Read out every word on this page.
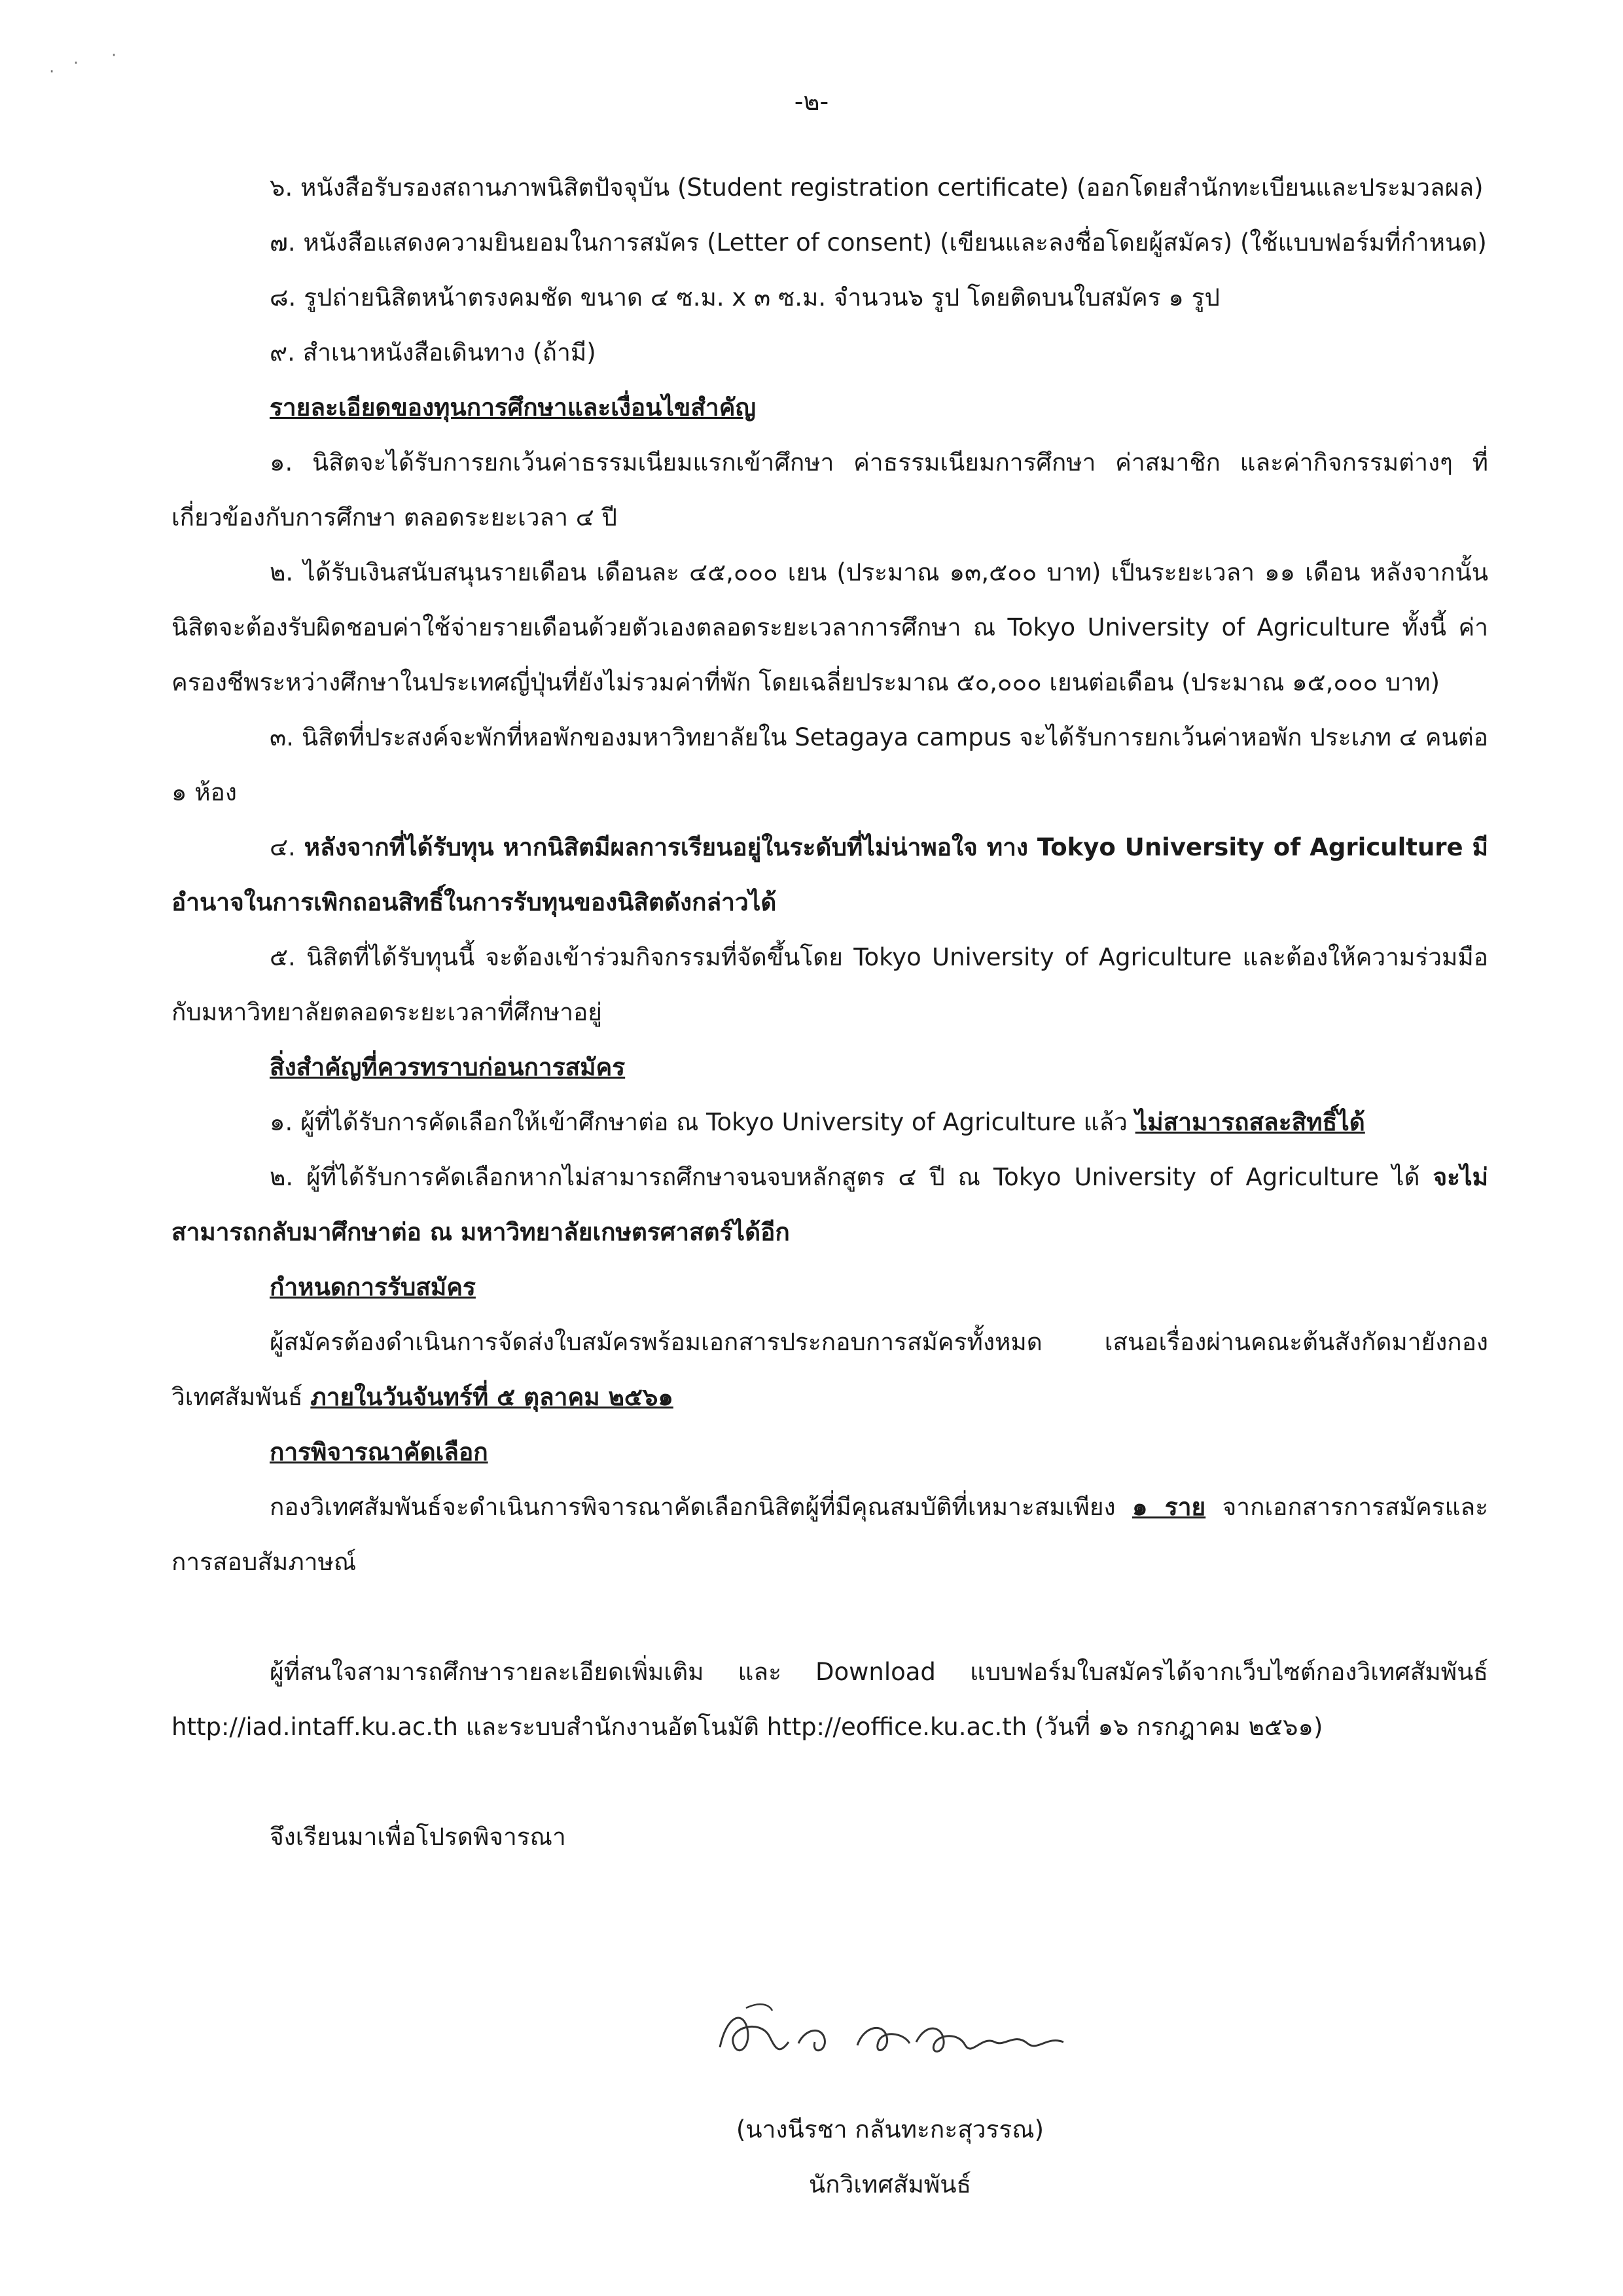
· · ·
-๒-

๖. หนังสือรับรองสถานภาพนิสิตปัจจุบัน (Student registration certificate) (ออกโดยสำนักทะเบียนและประมวลผล)

๗. หนังสือแสดงความยินยอมในการสมัคร (Letter of consent) (เขียนและลงชื่อโดยผู้สมัคร) (ใช้แบบฟอร์มที่กำหนด)

๘. รูปถ่ายนิสิตหน้าตรงคมชัด ขนาด ๔ ซ.ม. x ๓ ซ.ม. จำนวน๖ รูป โดยติดบนใบสมัคร ๑ รูป

๙. สำเนาหนังสือเดินทาง (ถ้ามี)

รายละเอียดของทุนการศึกษาและเงื่อนไขสำคัญ

๑. นิสิตจะได้รับการยกเว้นค่าธรรมเนียมแรกเข้าศึกษา ค่าธรรมเนียมการศึกษา ค่าสมาชิก และค่ากิจกรรมต่างๆ ที่เกี่ยวข้องกับการศึกษา ตลอดระยะเวลา ๔ ปี

๒. ได้รับเงินสนับสนุนรายเดือน เดือนละ ๔๕,๐๐๐ เยน (ประมาณ ๑๓,๕๐๐ บาท) เป็นระยะเวลา ๑๑ เดือน หลังจากนั้นนิสิตจะต้องรับผิดชอบค่าใช้จ่ายรายเดือนด้วยตัวเองตลอดระยะเวลาการศึกษา ณ Tokyo University of Agriculture ทั้งนี้ ค่าครองชีพระหว่างศึกษาในประเทศญี่ปุ่นที่ยังไม่รวมค่าที่พัก โดยเฉลี่ยประมาณ ๕๐,๐๐๐ เยนต่อเดือน (ประมาณ ๑๕,๐๐๐ บาท)

๓. นิสิตที่ประสงค์จะพักที่หอพักของมหาวิทยาลัยใน Setagaya campus จะได้รับการยกเว้นค่าหอพัก ประเภท ๔ คนต่อ ๑ ห้อง

๔. หลังจากที่ได้รับทุน หากนิสิตมีผลการเรียนอยู่ในระดับที่ไม่น่าพอใจ ทาง Tokyo University of Agriculture มีอำนาจในการเพิกถอนสิทธิ์ในการรับทุนของนิสิตดังกล่าวได้

๕. นิสิตที่ได้รับทุนนี้ จะต้องเข้าร่วมกิจกรรมที่จัดขึ้นโดย Tokyo University of Agriculture และต้องให้ความร่วมมือกับมหาวิทยาลัยตลอดระยะเวลาที่ศึกษาอยู่

สิ่งสำคัญที่ควรทราบก่อนการสมัคร

๑. ผู้ที่ได้รับการคัดเลือกให้เข้าศึกษาต่อ ณ Tokyo University of Agriculture แล้ว ไม่สามารถสละสิทธิ์ได้

๒. ผู้ที่ได้รับการคัดเลือกหากไม่สามารถศึกษาจนจบหลักสูตร ๔ ปี ณ Tokyo University of Agriculture ได้ จะไม่สามารถกลับมาศึกษาต่อ ณ มหาวิทยาลัยเกษตรศาสตร์ได้อีก

กำหนดการรับสมัคร

ผู้สมัครต้องดำเนินการจัดส่งใบสมัครพร้อมเอกสารประกอบการสมัครทั้งหมด เสนอเรื่องผ่านคณะต้นสังกัดมายังกองวิเทศสัมพันธ์ ภายในวันจันทร์ที่ ๕ ตุลาคม ๒๕๖๑

การพิจารณาคัดเลือก

กองวิเทศสัมพันธ์จะดำเนินการพิจารณาคัดเลือกนิสิตผู้ที่มีคุณสมบัติที่เหมาะสมเพียง ๑ ราย จากเอกสารการสมัครและการสอบสัมภาษณ์

ผู้ที่สนใจสามารถศึกษารายละเอียดเพิ่มเติม และ Download แบบฟอร์มใบสมัครได้จากเว็บไซต์กองวิเทศสัมพันธ์ http://iad.intaff.ku.ac.th และระบบสำนักงานอัตโนมัติ http://eoffice.ku.ac.th (วันที่ ๑๖ กรกฎาคม ๒๕๖๑)

จึงเรียนมาเพื่อโปรดพิจารณา

(นางนีรชา กลันทะกะสุวรรณ)
นักวิเทศสัมพันธ์
